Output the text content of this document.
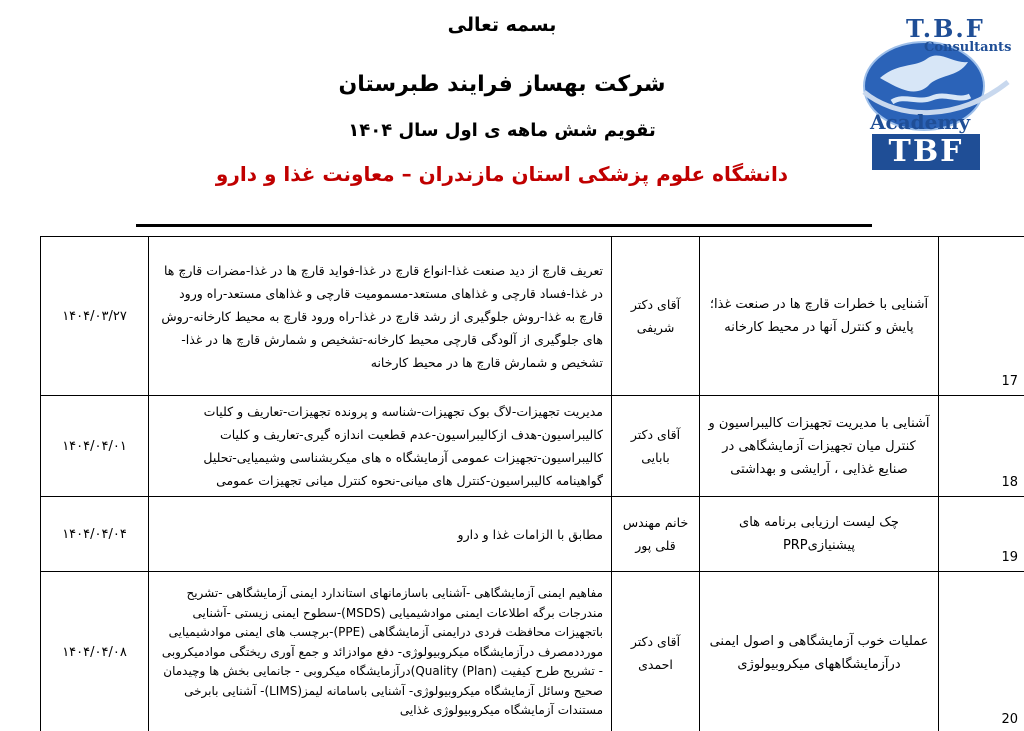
بسمه تعالی
شرکت بهساز فرایند طبرستان
تقویم شش ماهه ی اول سال ۱۴۰۴
دانشگاه علوم پزشکی استان مازندران – معاونت غذا و دارو
T.B.F
Consultants
Academy
TBF
۱۴۰۴/۰۳/۲۷	تعریف قارچ از دید صنعت غذا-انواع قارچ در غذا-فواید قارچ ها در غذا-مضرات قارچ ها در غذا-فساد قارچی و غذاهای مستعد-مسمومیت قارچی و غذاهای مستعد-راه ورود قارچ به غذا-روش جلوگیری از رشد قارچ در غذا-راه ورود قارچ به محیط کارخانه-روش های جلوگیری از آلودگی قارچی محیط کارخانه-تشخیص و شمارش قارچ ها در غذا-تشخیص و شمارش قارچ ها در محیط کارخانه	آقای دکتر شریفی	آشنایی با خطرات قارچ ها در صنعت غذا؛ پایش و کنترل آنها در محیط کارخانه	17
۱۴۰۴/۰۴/۰۱	مدیریت تجهیزات-لاگ بوک تجهیزات-شناسه و پرونده تجهیزات-تعاریف و کلیات کالیبراسیون-هدف ازکالیبراسیون-عدم قطعیت اندازه گیری-تعاریف و کلیات کالیبراسیون-تجهیزات عمومی آزمایشگاه ه های میکربشناسی وشیمیایی-تحلیل گواهینامه کالیبراسیون-کنترل های میانی-نحوه کنترل میانی تجهیزات عمومی	آقای دکتر بابایی	آشنایی با مدیریت تجهیزات کالیبراسیون و کنترل میان تجهیزات آزمایشگاهی در صنایع غذایی ، آرایشی و بهداشتی	18
۱۴۰۴/۰۴/۰۴	مطابق با الزامات غذا و دارو	خانم مهندس قلی پور	چک لیست ارزیابی برنامه های پیشنیازیPRP	19
۱۴۰۴/۰۴/۰۸	مفاهیم ایمنی آزمایشگاهی -آشنایی باسازمانهای استاندارد ایمنی آزمایشگاهی -تشریح مندرجات برگه اطلاعات ایمنی موادشیمیایی (MSDS)-سطوح ایمنی زیستی -آشنایی باتجهیزات محافظت فردی درایمنی آزمایشگاهی (PPE)-برچسب های ایمنی موادشیمیایی مورددمصرف درآزمایشگاه میکروبیولوژی- دفع موادزائد و جمع آوری ریختگی موادمیکروبی - تشریح طرح کیفیت (Plan) Quality)درآزمایشگاه میکروبی - جانمایی بخش ها وچیدمان صحیح وسائل آزمایشگاه میکروبیولوژی- آشنایی باسامانه لیمز(LIMS)- آشنایی بابرخی مستندات آزمایشگاه میکروبیولوژی غذایی	آقای دکتر احمدی	عملیات خوب آزمایشگاهی و اصول ایمنی درآزمایشگاههای میکروبیولوژی	20
